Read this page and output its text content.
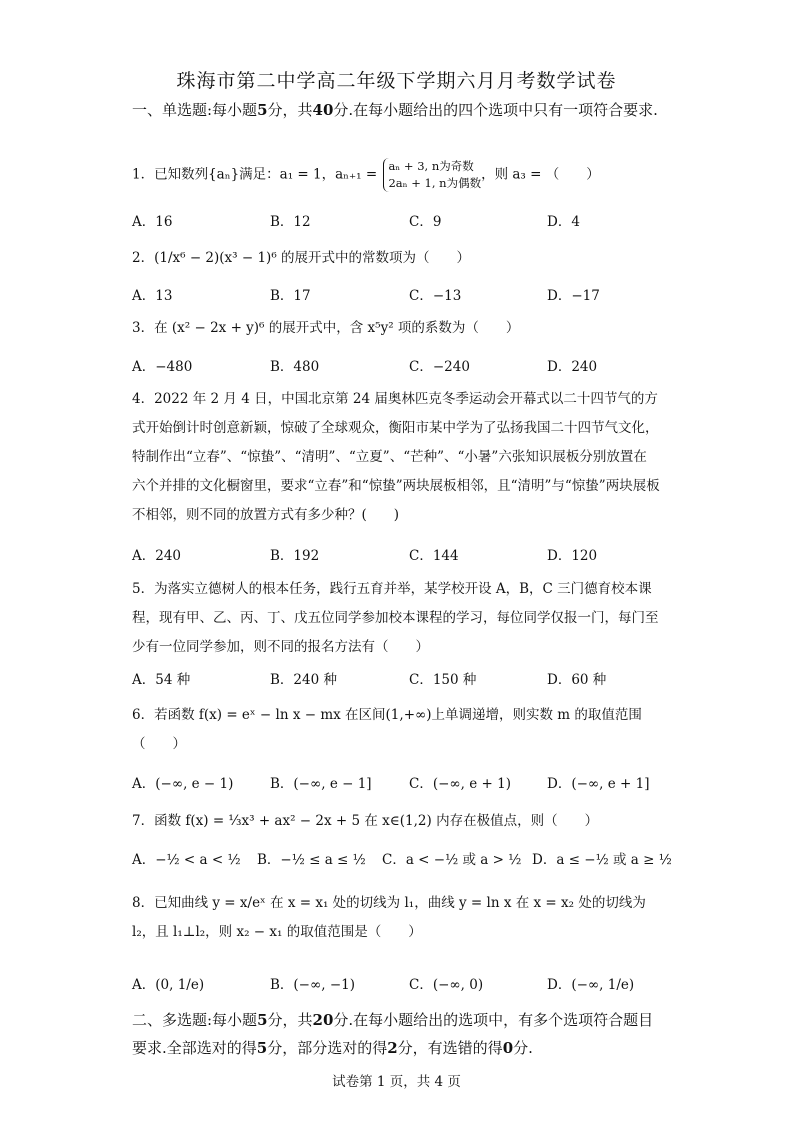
珠海市第二中学高二年级下学期六月月考数学试卷
一、单选题:每小题5分，共40分.在每小题给出的四个选项中只有一项符合要求.
1．已知数列{aₙ}满足：a₁ = 1，aₙ₊₁ =
aₙ + 3, n为奇数
2aₙ + 1, n为偶数
，则 a₃ = （　　）
A．16	B．12	C．9	D．4
2．(1/x⁶ − 2)(x³ − 1)⁶ 的展开式中的常数项为（　　）
A．13	B．17	C．−13	D．−17
3．在 (x² − 2x + y)⁶ 的展开式中，含 x⁵y² 项的系数为（　　）
A．−480	B．480	C．−240	D．240
4．2022 年 2 月 4 日，中国北京第 24 届奥林匹克冬季运动会开幕式以二十四节气的方式开始倒计时创意新颖，惊破了全球观众，衡阳市某中学为了弘扬我国二十四节气文化，特制作出“立春”、“惊蛰”、“清明”、“立夏”、“芒种”、“小暑”六张知识展板分别放置在六个并排的文化橱窗里，要求“立春”和“惊蛰”两块展板相邻，且“清明”与“惊蛰”两块展板不相邻，则不同的放置方式有多少种？(　　)
A．240	B．192	C．144	D．120
5．为落实立德树人的根本任务，践行五育并举，某学校开设 A，B，C 三门德育校本课程，现有甲、乙、丙、丁、戊五位同学参加校本课程的学习，每位同学仅报一门，每门至少有一位同学参加，则不同的报名方法有（　　）
A．54 种	B．240 种	C．150 种	D．60 种
6．若函数 f(x) = eˣ − ln x − mx 在区间(1,+∞)上单调递增，则实数 m 的取值范围（　　）
A．(−∞, e − 1)	B．(−∞, e − 1]	C．(−∞, e + 1)	D．(−∞, e + 1]
7．函数 f(x) = ⅓x³ + ax² − 2x + 5 在 x∈(1,2) 内存在极值点，则（　　）
A．−½ < a < ½ B．−½ ≤ a ≤ ½ C．a < −½ 或 a > ½ D．a ≤ −½ 或 a ≥ ½
8．已知曲线 y = x/eˣ 在 x = x₁ 处的切线为 l₁，曲线 y = ln x 在 x = x₂ 处的切线为 l₂，且 l₁⊥l₂，则 x₂ − x₁ 的取值范围是（　　）
A．(0, 1/e)	B．(−∞, −1)	C．(−∞, 0)	D．(−∞, 1/e)
二、多选题:每小题5分，共20分.在每小题给出的选项中，有多个选项符合题目要求.全部选对的得5分，部分选对的得2分，有选错的得0分.
试卷第 1 页，共 4 页
